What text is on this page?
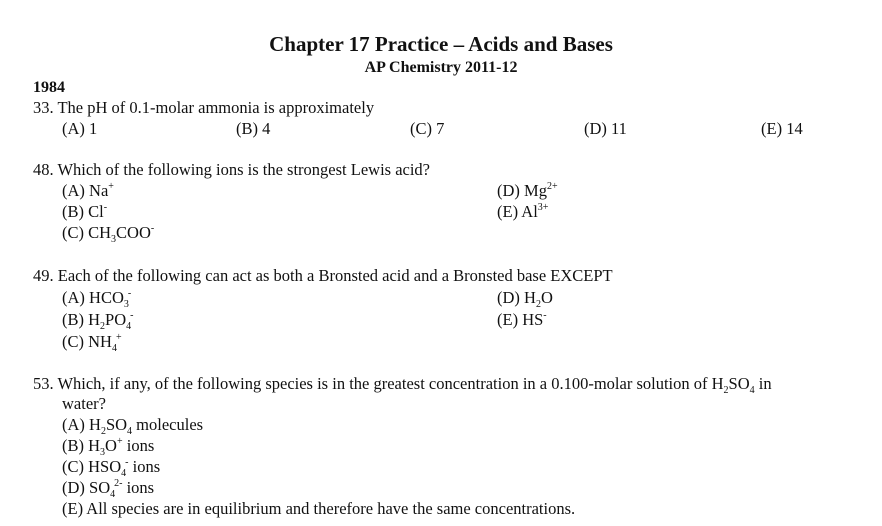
Chapter 17 Practice – Acids and Bases
AP Chemistry 2011-12
1984
33. The pH of 0.1-molar ammonia is approximately
(A) 1	(B) 4	(C) 7	(D) 11	(E) 14
48. Which of the following ions is the strongest Lewis acid?
(A) Na+
(B) Cl-
(C) $CH_3COO^-$
(D) $Mg^{2+}$
(E) $Al^{3+}$
49. Each of the following can act as both a Bronsted acid and a Bronsted base EXCEPT
(A) $HCO_3^-$
(B) $H_2PO_4^-$
(C) $NH_4^+$
(D) $H_2O$
(E) HS-
53. Which, if any, of the following species is in the greatest concentration in a 0.100-molar solution of $H_2SO_4$ in
water?
(A) $H_2SO_4$ molecules
(B) $H_3O^+$ ions
(C) $HSO_4^-$ ions
(D) $SO_4^{2-}$ ions
(E) All species are in equilibrium and therefore have the same concentrations.
